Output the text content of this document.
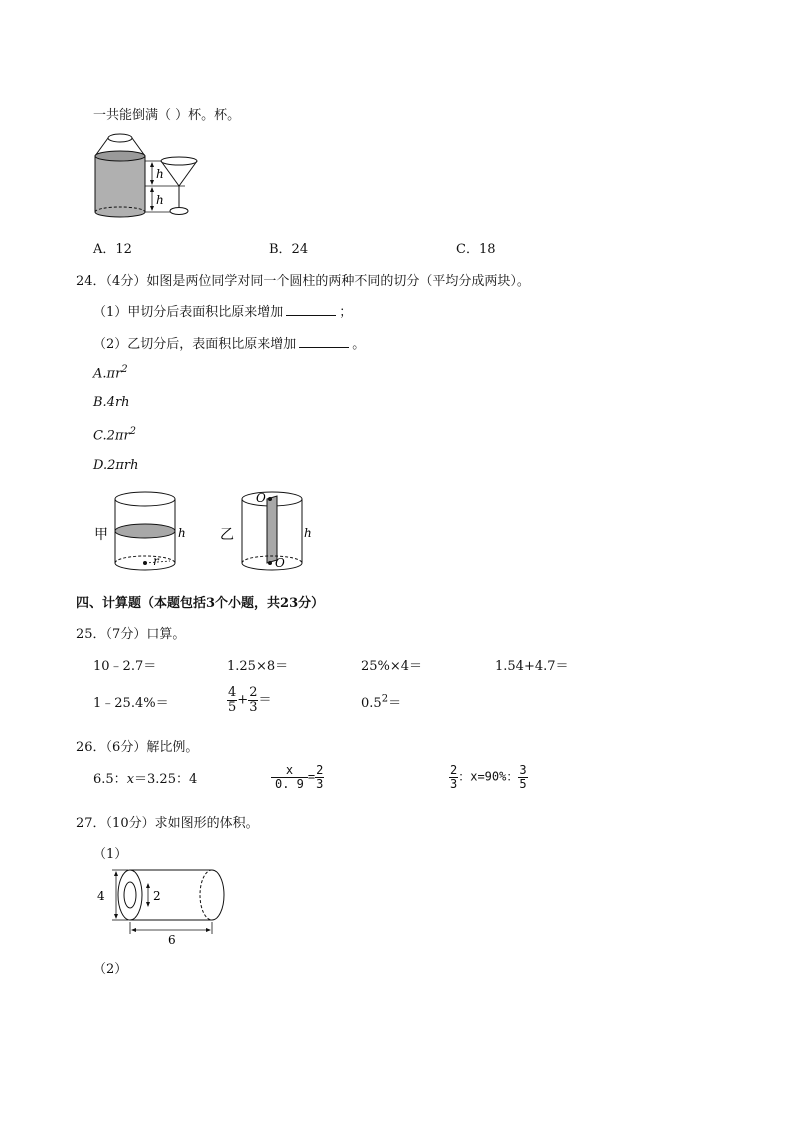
一共能倒满（ ）杯。杯。
h
h
A．12	B．24	C．18
24．（4分）如图是两位同学对同一个圆柱的两种不同的切分（平均分成两块）。
（1）甲切分后表面积比原来增加	；
（2）乙切分后，表面积比原来增加	。
$A.\pi r^2$
B.4rh
$C.2\pi r^2$
D.2πrh
甲
r
h 乙
O
O
h
四、计算题（本题包括3个小题，共23分）
25．（7分）口算。
10﹣2.7＝	1.25×8＝	25%×4＝	1.54+4.7＝
1﹣25.4%＝	$\frac{4}{5} + \frac{2}{3}$ ＝	$0.5^2=$
26．（6分）解比例。
6.5：x＝3.25：4	$\frac{x}{0. 9} = \frac{2}{3}$	$\frac{2}{3}$ ：x=90%： $\frac{3}{5}$
27．（10分）求如图形的体积。
（1）
4	2
6
（2）
